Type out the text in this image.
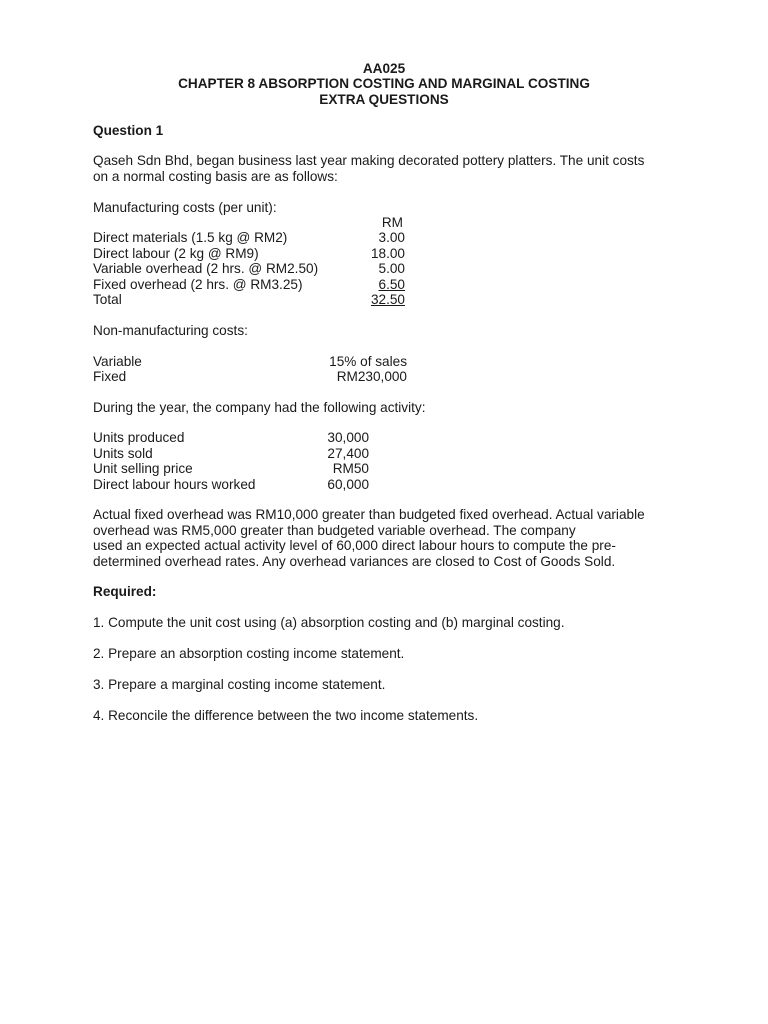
AA025
CHAPTER 8 ABSORPTION COSTING AND MARGINAL COSTING
EXTRA QUESTIONS

Question 1

Qaseh Sdn Bhd, began business last year making decorated pottery platters. The unit costs
on a normal costing basis are as follows:

Manufacturing costs (per unit):

RM
Direct materials (1.5 kg @ RM2)	3.00
Direct labour (2 kg @ RM9)	18.00
Variable overhead (2 hrs. @ RM2.50)	5.00
Fixed overhead (2 hrs. @ RM3.25)	6.50
Total	32.50

Non-manufacturing costs:

Variable	15% of sales
Fixed	RM230,000

During the year, the company had the following activity:

Units produced	30,000
Units sold	27,400
Unit selling price	RM50
Direct labour hours worked	60,000
Actual fixed overhead was RM10,000 greater than budgeted fixed overhead. Actual variable
overhead was RM5,000 greater than budgeted variable overhead. The company
used an expected actual activity level of 60,000 direct labour hours to compute the pre-
determined overhead rates. Any overhead variances are closed to Cost of Goods Sold.

Required:

1. Compute the unit cost using (a) absorption costing and (b) marginal costing.

2. Prepare an absorption costing income statement.

3. Prepare a marginal costing income statement.

4. Reconcile the difference between the two income statements.
